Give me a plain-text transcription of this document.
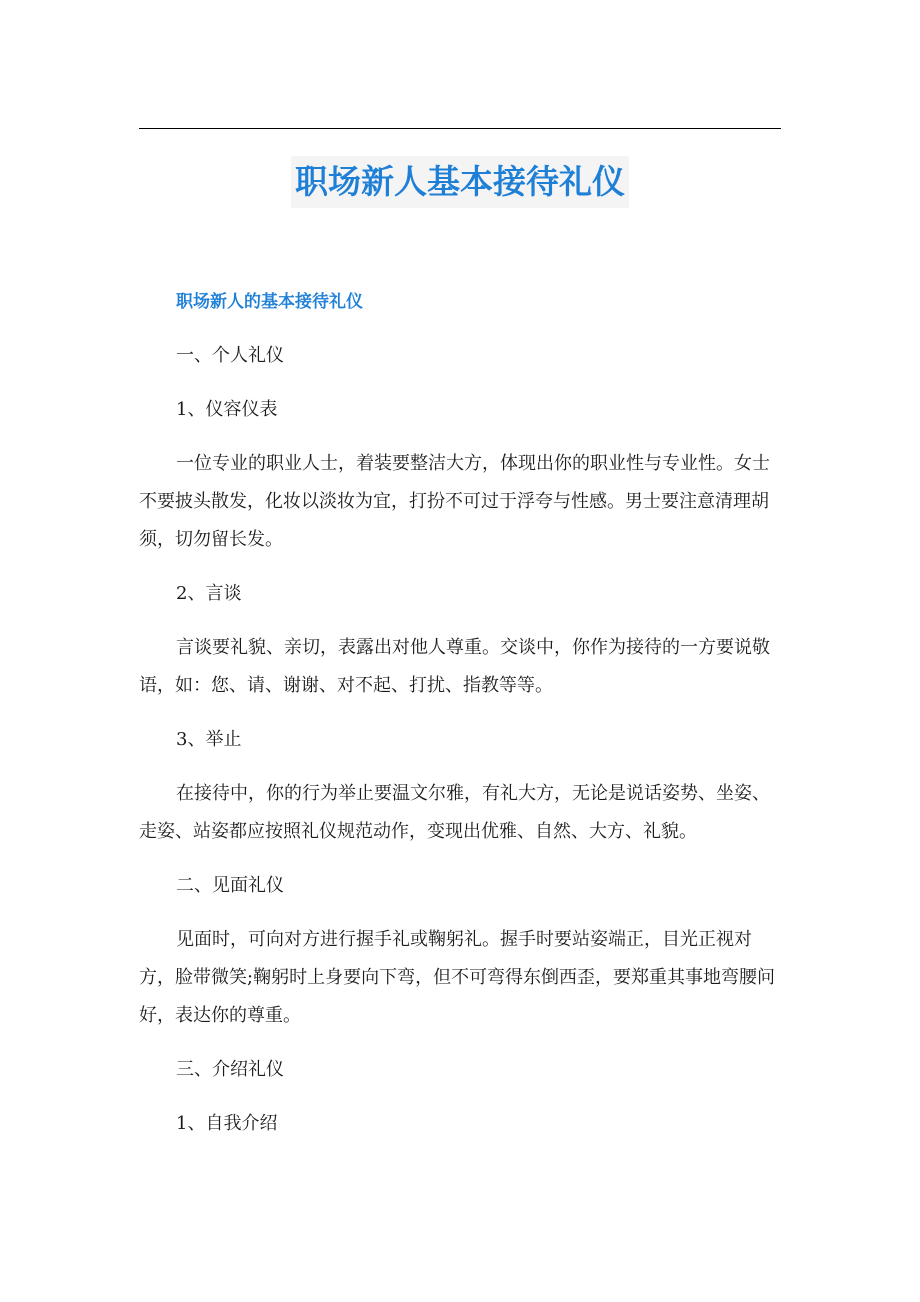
职场新人基本接待礼仪

职场新人的基本接待礼仪

一、个人礼仪

1、仪容仪表

一位专业的职业人士，着装要整洁大方，体现出你的职业性与专业性。女士不要披头散发，化妆以淡妆为宜，打扮不可过于浮夸与性感。男士要注意清理胡须，切勿留长发。

2、言谈

言谈要礼貌、亲切，表露出对他人尊重。交谈中，你作为接待的一方要说敬语，如：您、请、谢谢、对不起、打扰、指教等等。

3、举止

在接待中，你的行为举止要温文尔雅，有礼大方，无论是说话姿势、坐姿、走姿、站姿都应按照礼仪规范动作，变现出优雅、自然、大方、礼貌。

二、见面礼仪

见面时，可向对方进行握手礼或鞠躬礼。握手时要站姿端正，目光正视对方，脸带微笑;鞠躬时上身要向下弯，但不可弯得东倒西歪，要郑重其事地弯腰问好，表达你的尊重。

三、介绍礼仪

1、自我介绍
